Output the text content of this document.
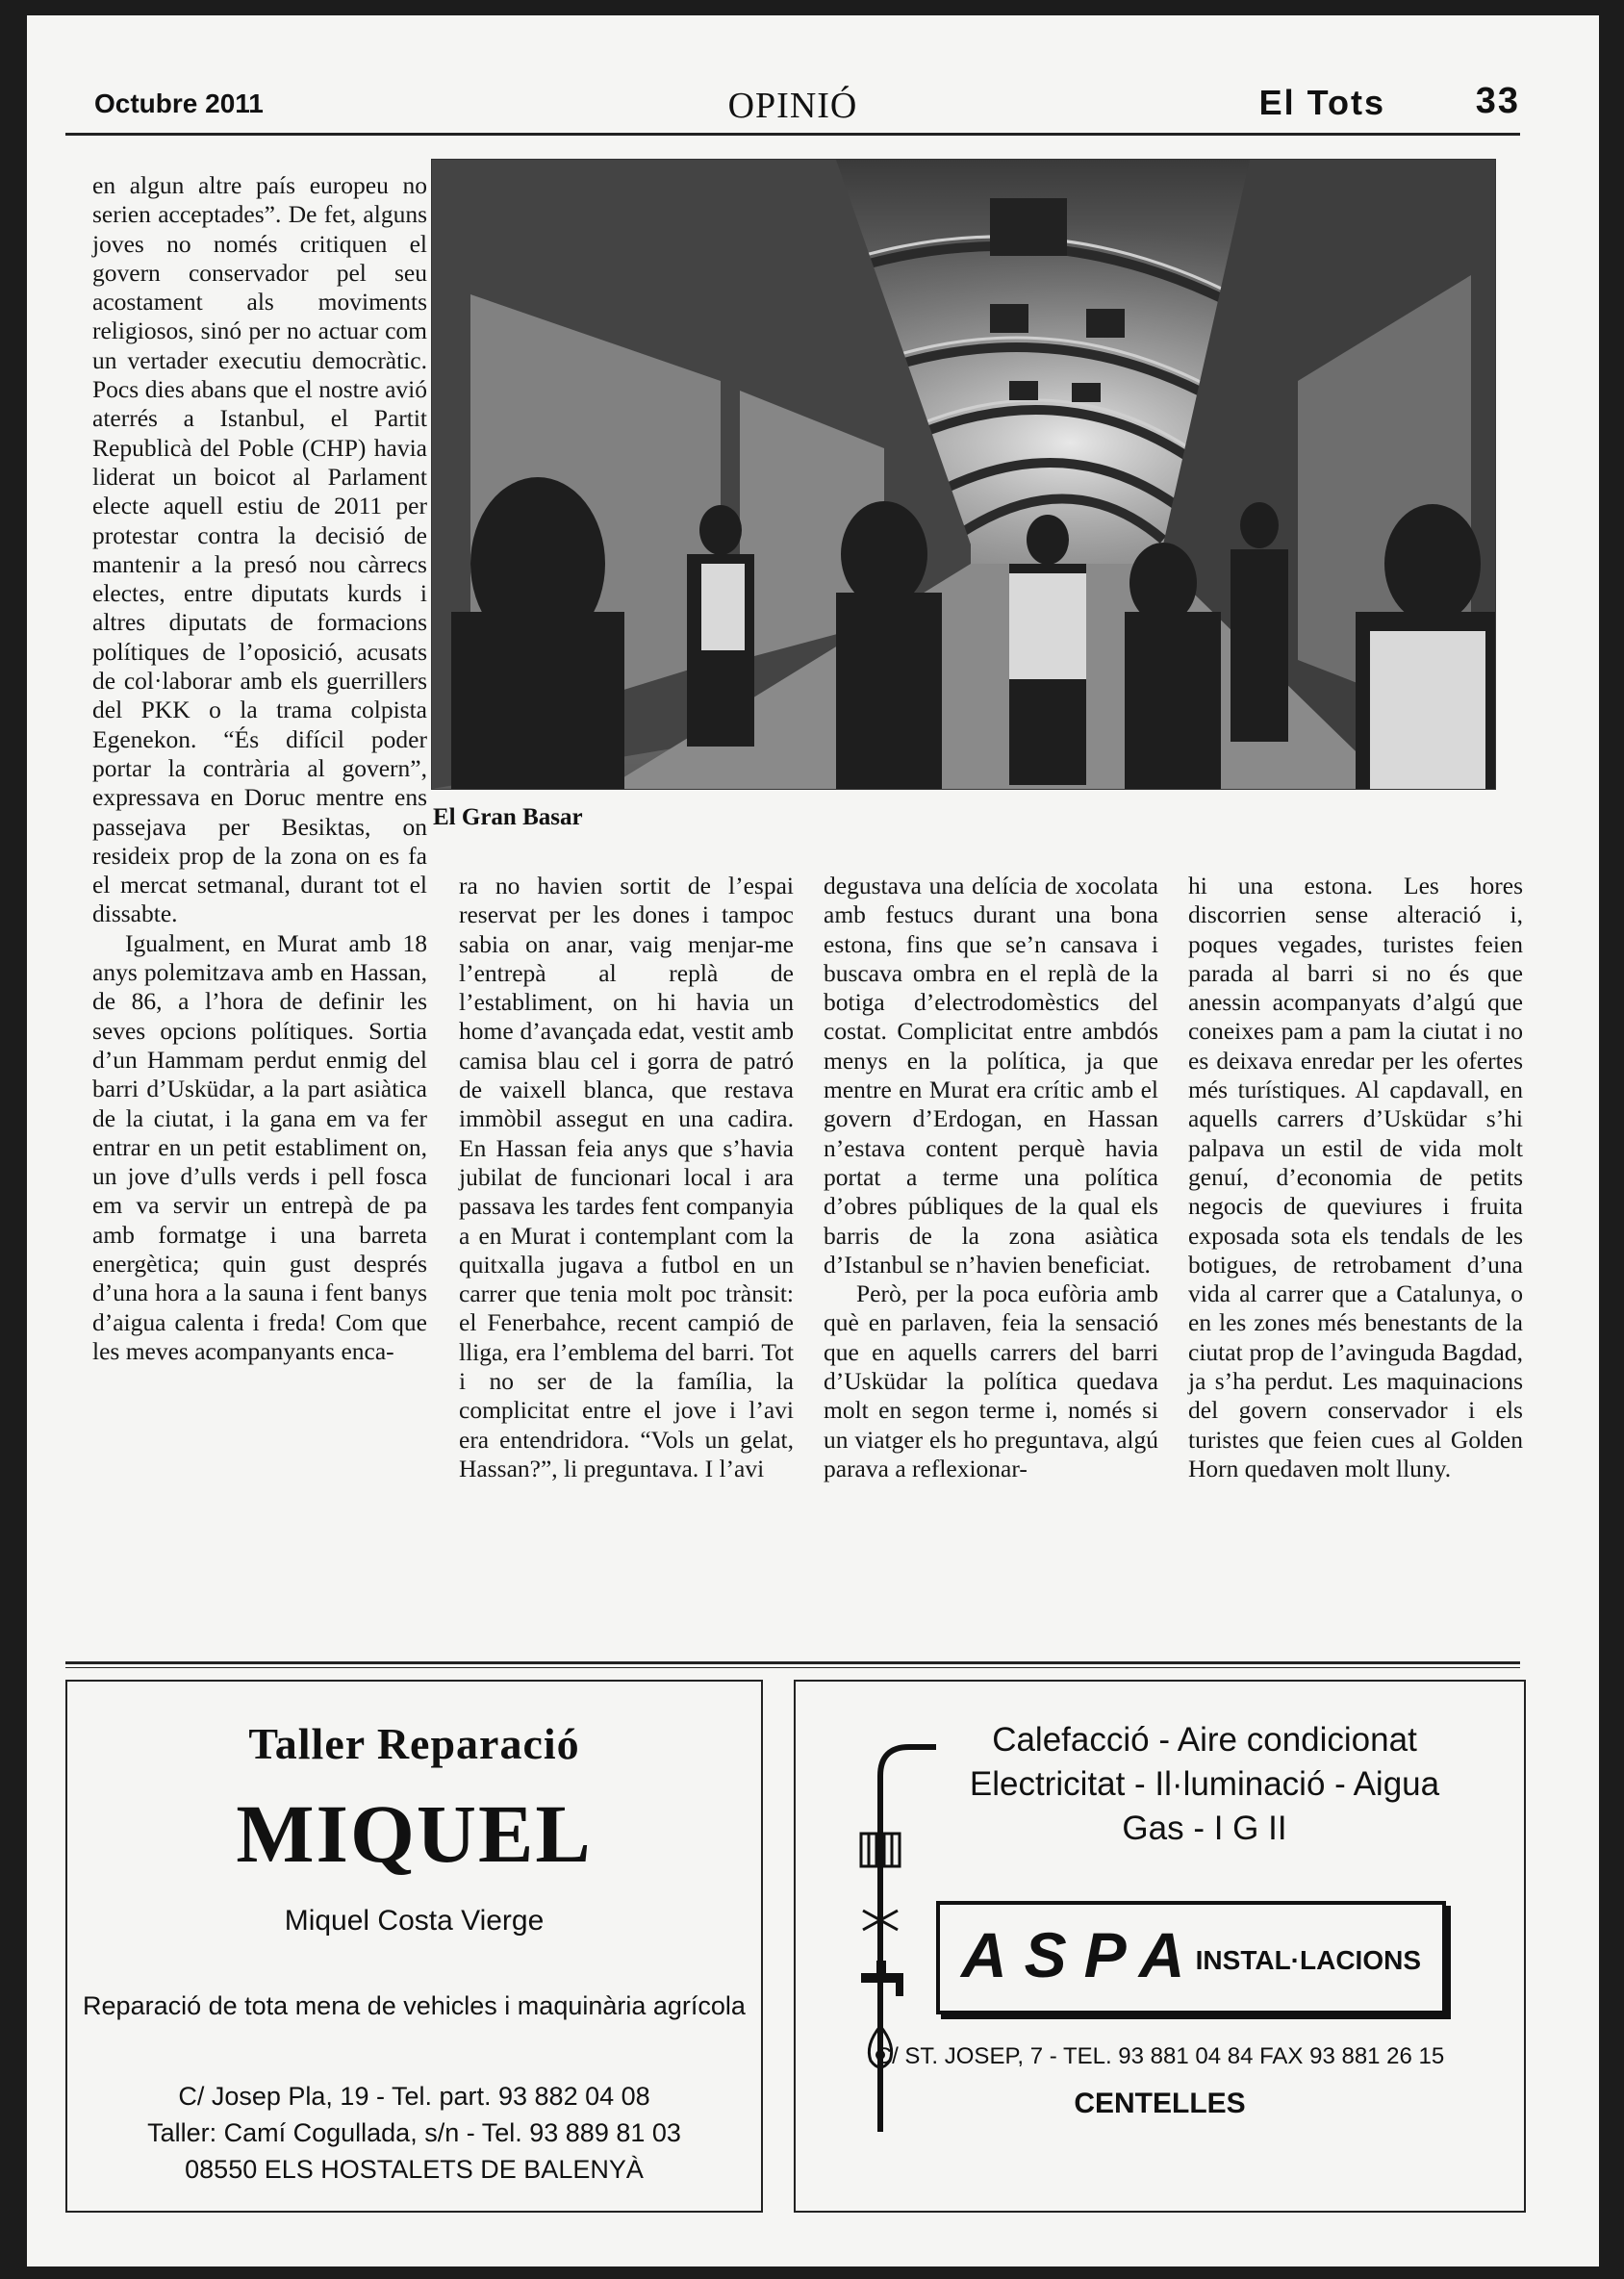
Octubre 2011	OPINIÓ	El Tots 33

en algun altre país europeu no serien acceptades”. De fet, alguns joves no només critiquen el govern conservador pel seu acostament als moviments religiosos, sinó per no actuar com un vertader executiu democràtic. Pocs dies abans que el nostre avió aterrés a Istanbul, el Partit Republicà del Poble (CHP) havia liderat un boicot al Parlament electe aquell estiu de 2011 per protestar contra la decisió de mantenir a la presó nou càrrecs electes, entre diputats kurds i altres diputats de formacions polítiques de l’oposició, acusats de col·laborar amb els guerrillers del PKK o la trama colpista Egenekon. “És difícil poder portar la contrària al govern”, expressava en Doruc mentre ens passejava per Besiktas, on resideix prop de la zona on es fa el mercat setmanal, durant tot el dissabte.

Igualment, en Murat amb 18 anys polemitzava amb en Hassan, de 86, a l’hora de definir les seves opcions polítiques. Sortia d’un Hammam perdut enmig del barri d’Usküdar, a la part asiàtica de la ciutat, i la gana em va fer entrar en un petit establiment on, un jove d’ulls verds i pell fosca em va servir un entrepà de pa amb formatge i una barreta energètica; quin gust després d’una hora a la sauna i fent banys d’aigua calenta i freda! Com que les meves acompanyants enca-

El Gran Basar

ra no havien sortit de l’espai reservat per les dones i tampoc sabia on anar, vaig menjar-me l’entrepà al replà de l’establiment, on hi havia un home d’avançada edat, vestit amb camisa blau cel i gorra de patró de vaixell blanca, que restava immòbil assegut en una cadira. En Hassan feia anys que s’havia jubilat de funcionari local i ara passava les tardes fent companyia a en Murat i contemplant com la quitxalla jugava a futbol en un carrer que tenia molt poc trànsit: el Fenerbahce, recent campió de lliga, era l’emblema del barri. Tot i no ser de la família, la complicitat entre el jove i l’avi era entendridora. “Vols un gelat, Hassan?”, li preguntava. I l’avi

degustava una delícia de xocolata amb festucs durant una bona estona, fins que se’n cansava i buscava ombra en el replà de la botiga d’electrodomèstics del costat. Complicitat entre ambdós menys en la política, ja que mentre en Murat era crític amb el govern d’Erdogan, en Hassan n’estava content perquè havia portat a terme una política d’obres públiques de la qual els barris de la zona asiàtica d’Istanbul se n’havien beneficiat.

Però, per la poca eufòria amb què en parlaven, feia la sensació que en aquells carrers del barri d’Usküdar la política quedava molt en segon terme i, només si un viatger els ho preguntava, algú parava a reflexionar-

hi una estona. Les hores discorrien sense alteració i, poques vegades, turistes feien parada al barri si no és que anessin acompanyats d’algú que coneixes pam a pam la ciutat i no es deixava enredar per les ofertes més turístiques. Al capdavall, en aquells carrers d’Usküdar s’hi palpava un estil de vida molt genuí, d’economia de petits negocis de queviures i fruita exposada sota els tendals de les botigues, de retrobament d’una vida al carrer que a Catalunya, o en les zones més benestants de la ciutat prop de l’avinguda Bagdad, ja s’ha perdut. Les maquinacions del govern conservador i els turistes que feien cues al Golden Horn quedaven molt lluny.

Taller Reparació
MIQUEL
Miquel Costa Vierge
Reparació de tota mena de vehicles i maquinària agrícola
C/ Josep Pla, 19 - Tel. part. 93 882 04 08
Taller: Camí Cogullada, s/n - Tel. 93 889 81 03
08550 ELS HOSTALETS DE BALENYÀ
Calefacció - Aire condicionat
Electricitat - Il·luminació - Aigua
Gas - I G II
ASPA
INSTAL·LACIONS
C/ ST. JOSEP, 7 - TEL. 93 881 04 84 FAX 93 881 26 15
CENTELLES
